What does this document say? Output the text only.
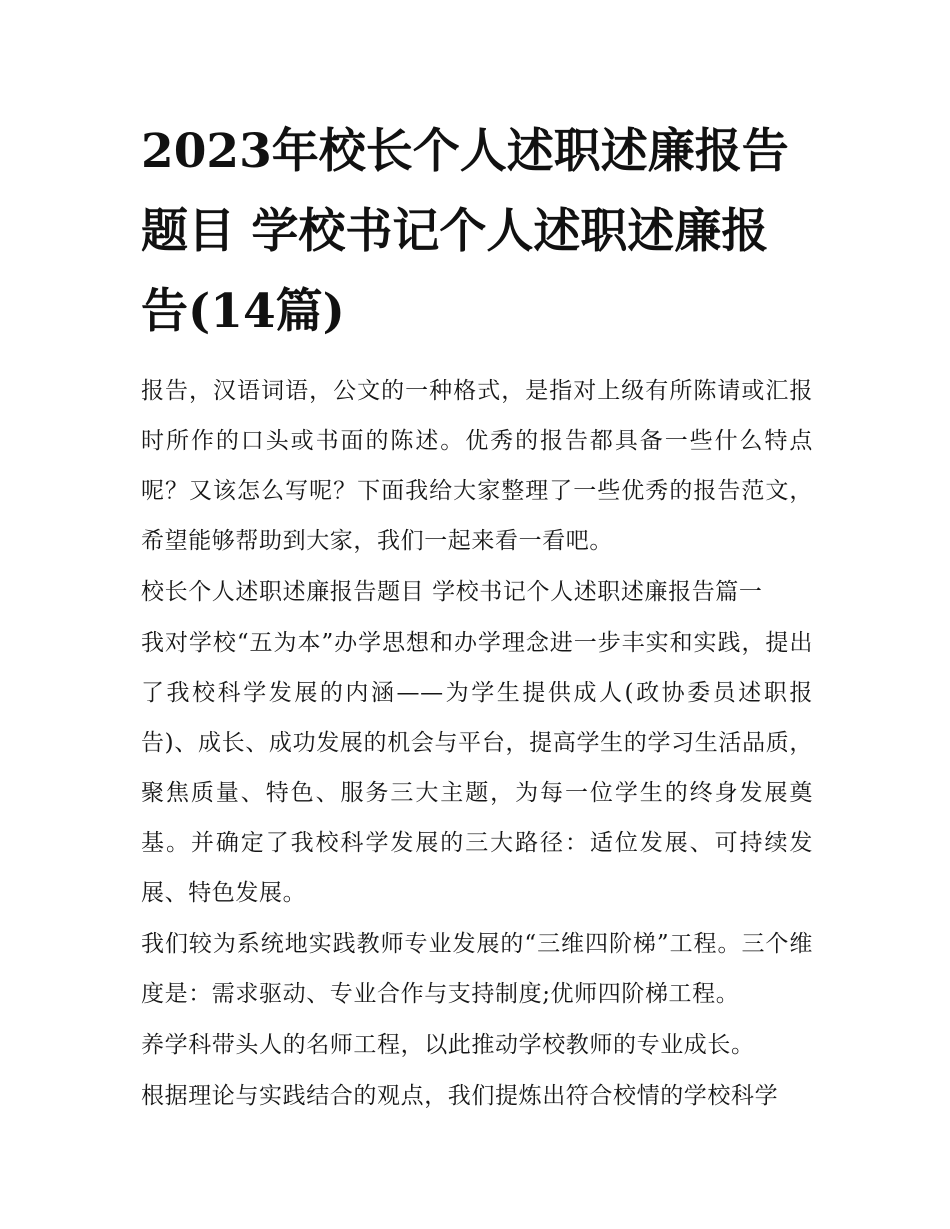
2023年校长个人述职述廉报告题目 学校书记个人述职述廉报告(14篇)

报告，汉语词语，公文的一种格式，是指对上级有所陈请或汇报时所作的口头或书面的陈述。优秀的报告都具备一些什么特点呢？又该怎么写呢？下面我给大家整理了一些优秀的报告范文，希望能够帮助到大家，我们一起来看一看吧。

校长个人述职述廉报告题目 学校书记个人述职述廉报告篇一

我对学校“五为本”办学思想和办学理念进一步丰实和实践，提出了我校科学发展的内涵——为学生提供成人(政协委员述职报告)、成长、成功发展的机会与平台，提高学生的学习生活品质，聚焦质量、特色、服务三大主题，为每一位学生的终身发展奠基。并确定了我校科学发展的三大路径：适位发展、可持续发展、特色发展。

我们较为系统地实践教师专业发展的“三维四阶梯”工程。三个维度是：需求驱动、专业合作与支持制度;优师四阶梯工程。

养学科带头人的名师工程，以此推动学校教师的专业成长。

根据理论与实践结合的观点，我们提炼出符合校情的学校科学
